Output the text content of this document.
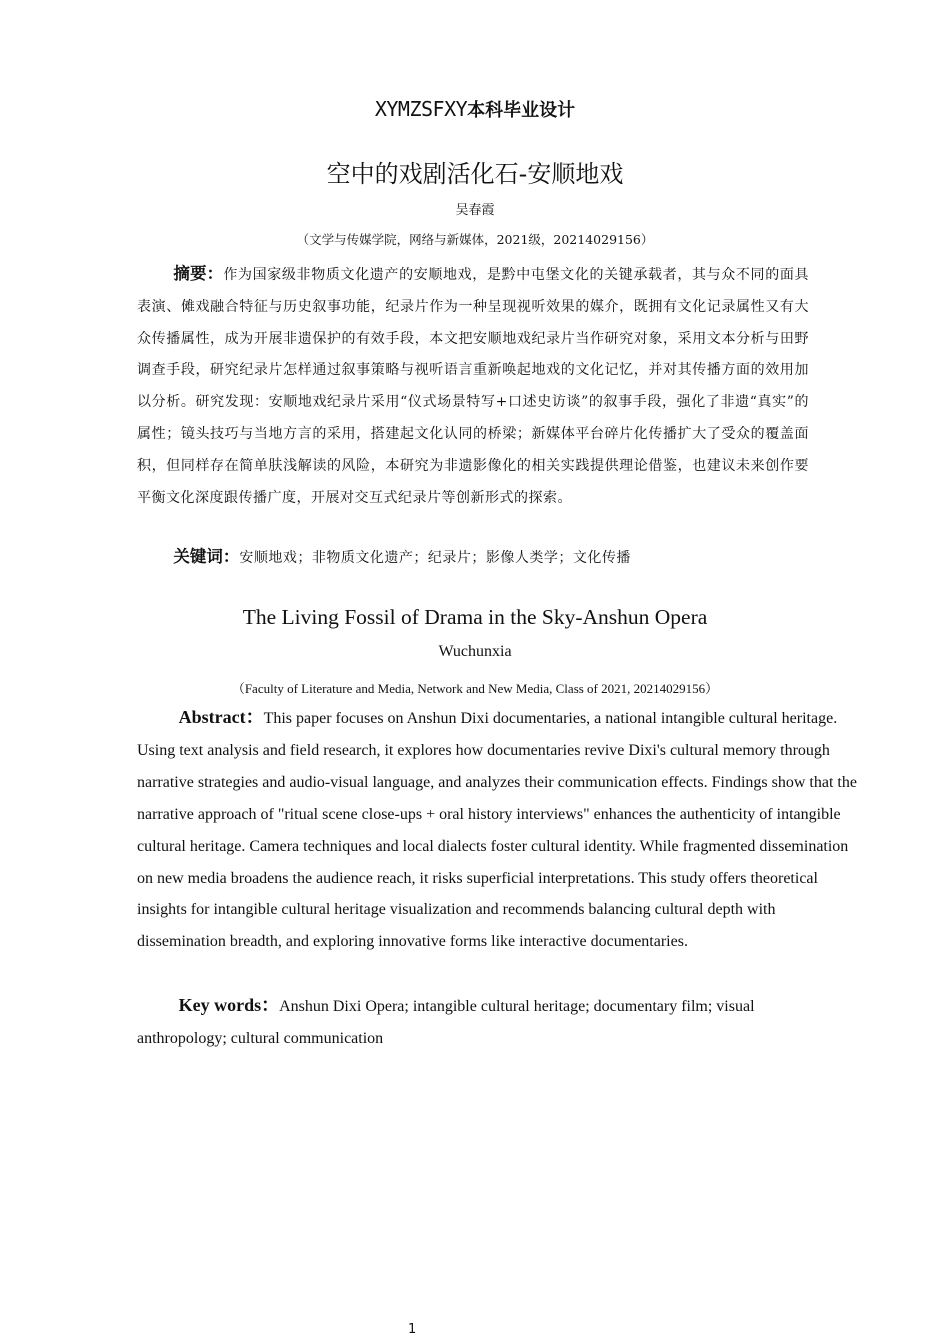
XYMZSFXY本科毕业设计
空中的戏剧活化石-安顺地戏
吴春霞
（文学与传媒学院，网络与新媒体，2021级，20214029156）

摘要：作为国家级非物质文化遗产的安顺地戏，是黔中屯堡文化的关键承载者，其与众不同的面具表演、傩戏融合特征与历史叙事功能，纪录片作为一种呈现视听效果的媒介，既拥有文化记录属性又有大众传播属性，成为开展非遗保护的有效手段，本文把安顺地戏纪录片当作研究对象，采用文本分析与田野调查手段，研究纪录片怎样通过叙事策略与视听语言重新唤起地戏的文化记忆，并对其传播方面的效用加以分析。研究发现：安顺地戏纪录片采用“仪式场景特写+口述史访谈”的叙事手段，强化了非遗“真实”的属性；镜头技巧与当地方言的采用，搭建起文化认同的桥梁；新媒体平台碎片化传播扩大了受众的覆盖面积，但同样存在简单肤浅解读的风险，本研究为非遗影像化的相关实践提供理论借鉴，也建议未来创作要平衡文化深度跟传播广度，开展对交互式纪录片等创新形式的探索。

关键词：安顺地戏；非物质文化遗产；纪录片；影像人类学；文化传播

The Living Fossil of Drama in the Sky-Anshun Opera
Wuchunxia
（Faculty of Literature and Media, Network and New Media, Class of 2021, 20214029156）

Abstract：This paper focuses on Anshun Dixi documentaries, a national intangible cultural heritage. Using text analysis and field research, it explores how documentaries revive Dixi's cultural memory through narrative strategies and audio-visual language, and analyzes their communication effects. Findings show that the narrative approach of "ritual scene close-ups + oral history interviews" enhances the authenticity of intangible cultural heritage. Camera techniques and local dialects foster cultural identity. While fragmented dissemination on new media broadens the audience reach, it risks superficial interpretations. This study offers theoretical insights for intangible cultural heritage visualization and recommends balancing cultural depth with dissemination breadth, and exploring innovative forms like interactive documentaries.

Key words：Anshun Dixi Opera; intangible cultural heritage; documentary film; visual anthropology; cultural communication

1
